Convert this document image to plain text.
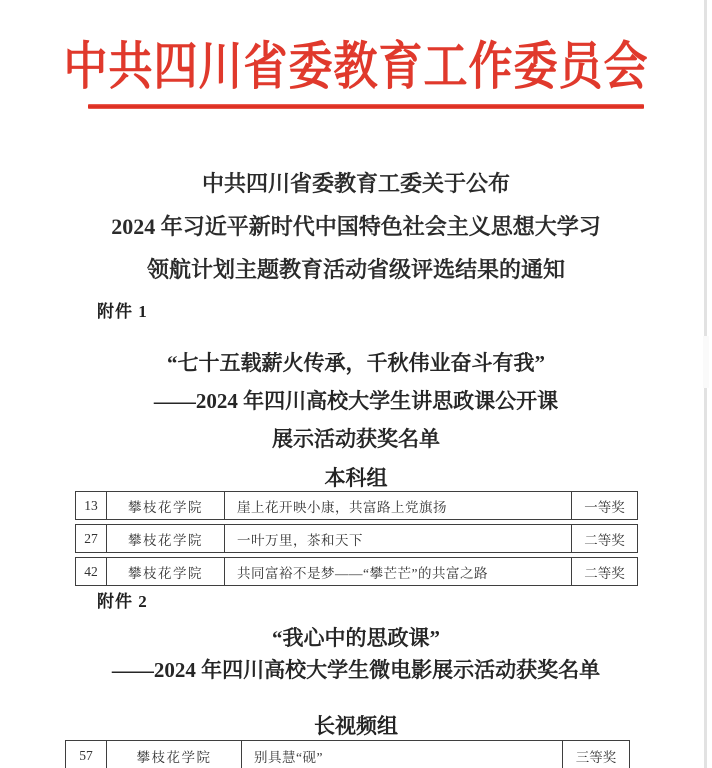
中共四川省委教育工作委员会
中共四川省委教育工委关于公布
2024 年习近平新时代中国特色社会主义思想大学习
领航计划主题教育活动省级评选结果的通知
附件 1
“七十五载薪火传承，千秋伟业奋斗有我”
——2024 年四川高校大学生讲思政课公开课
展示活动获奖名单
本科组
13	攀枝花学院	崖上花开映小康，共富路上党旗扬	一等奖
27	攀枝花学院	一叶万里，茶和天下	二等奖
42	攀枝花学院	共同富裕不是梦——“攀芒芒”的共富之路	二等奖
附件 2
“我心中的思政课”
——2024 年四川高校大学生微电影展示活动获奖名单
长视频组
57	攀枝花学院	别具慧“砚”	三等奖
